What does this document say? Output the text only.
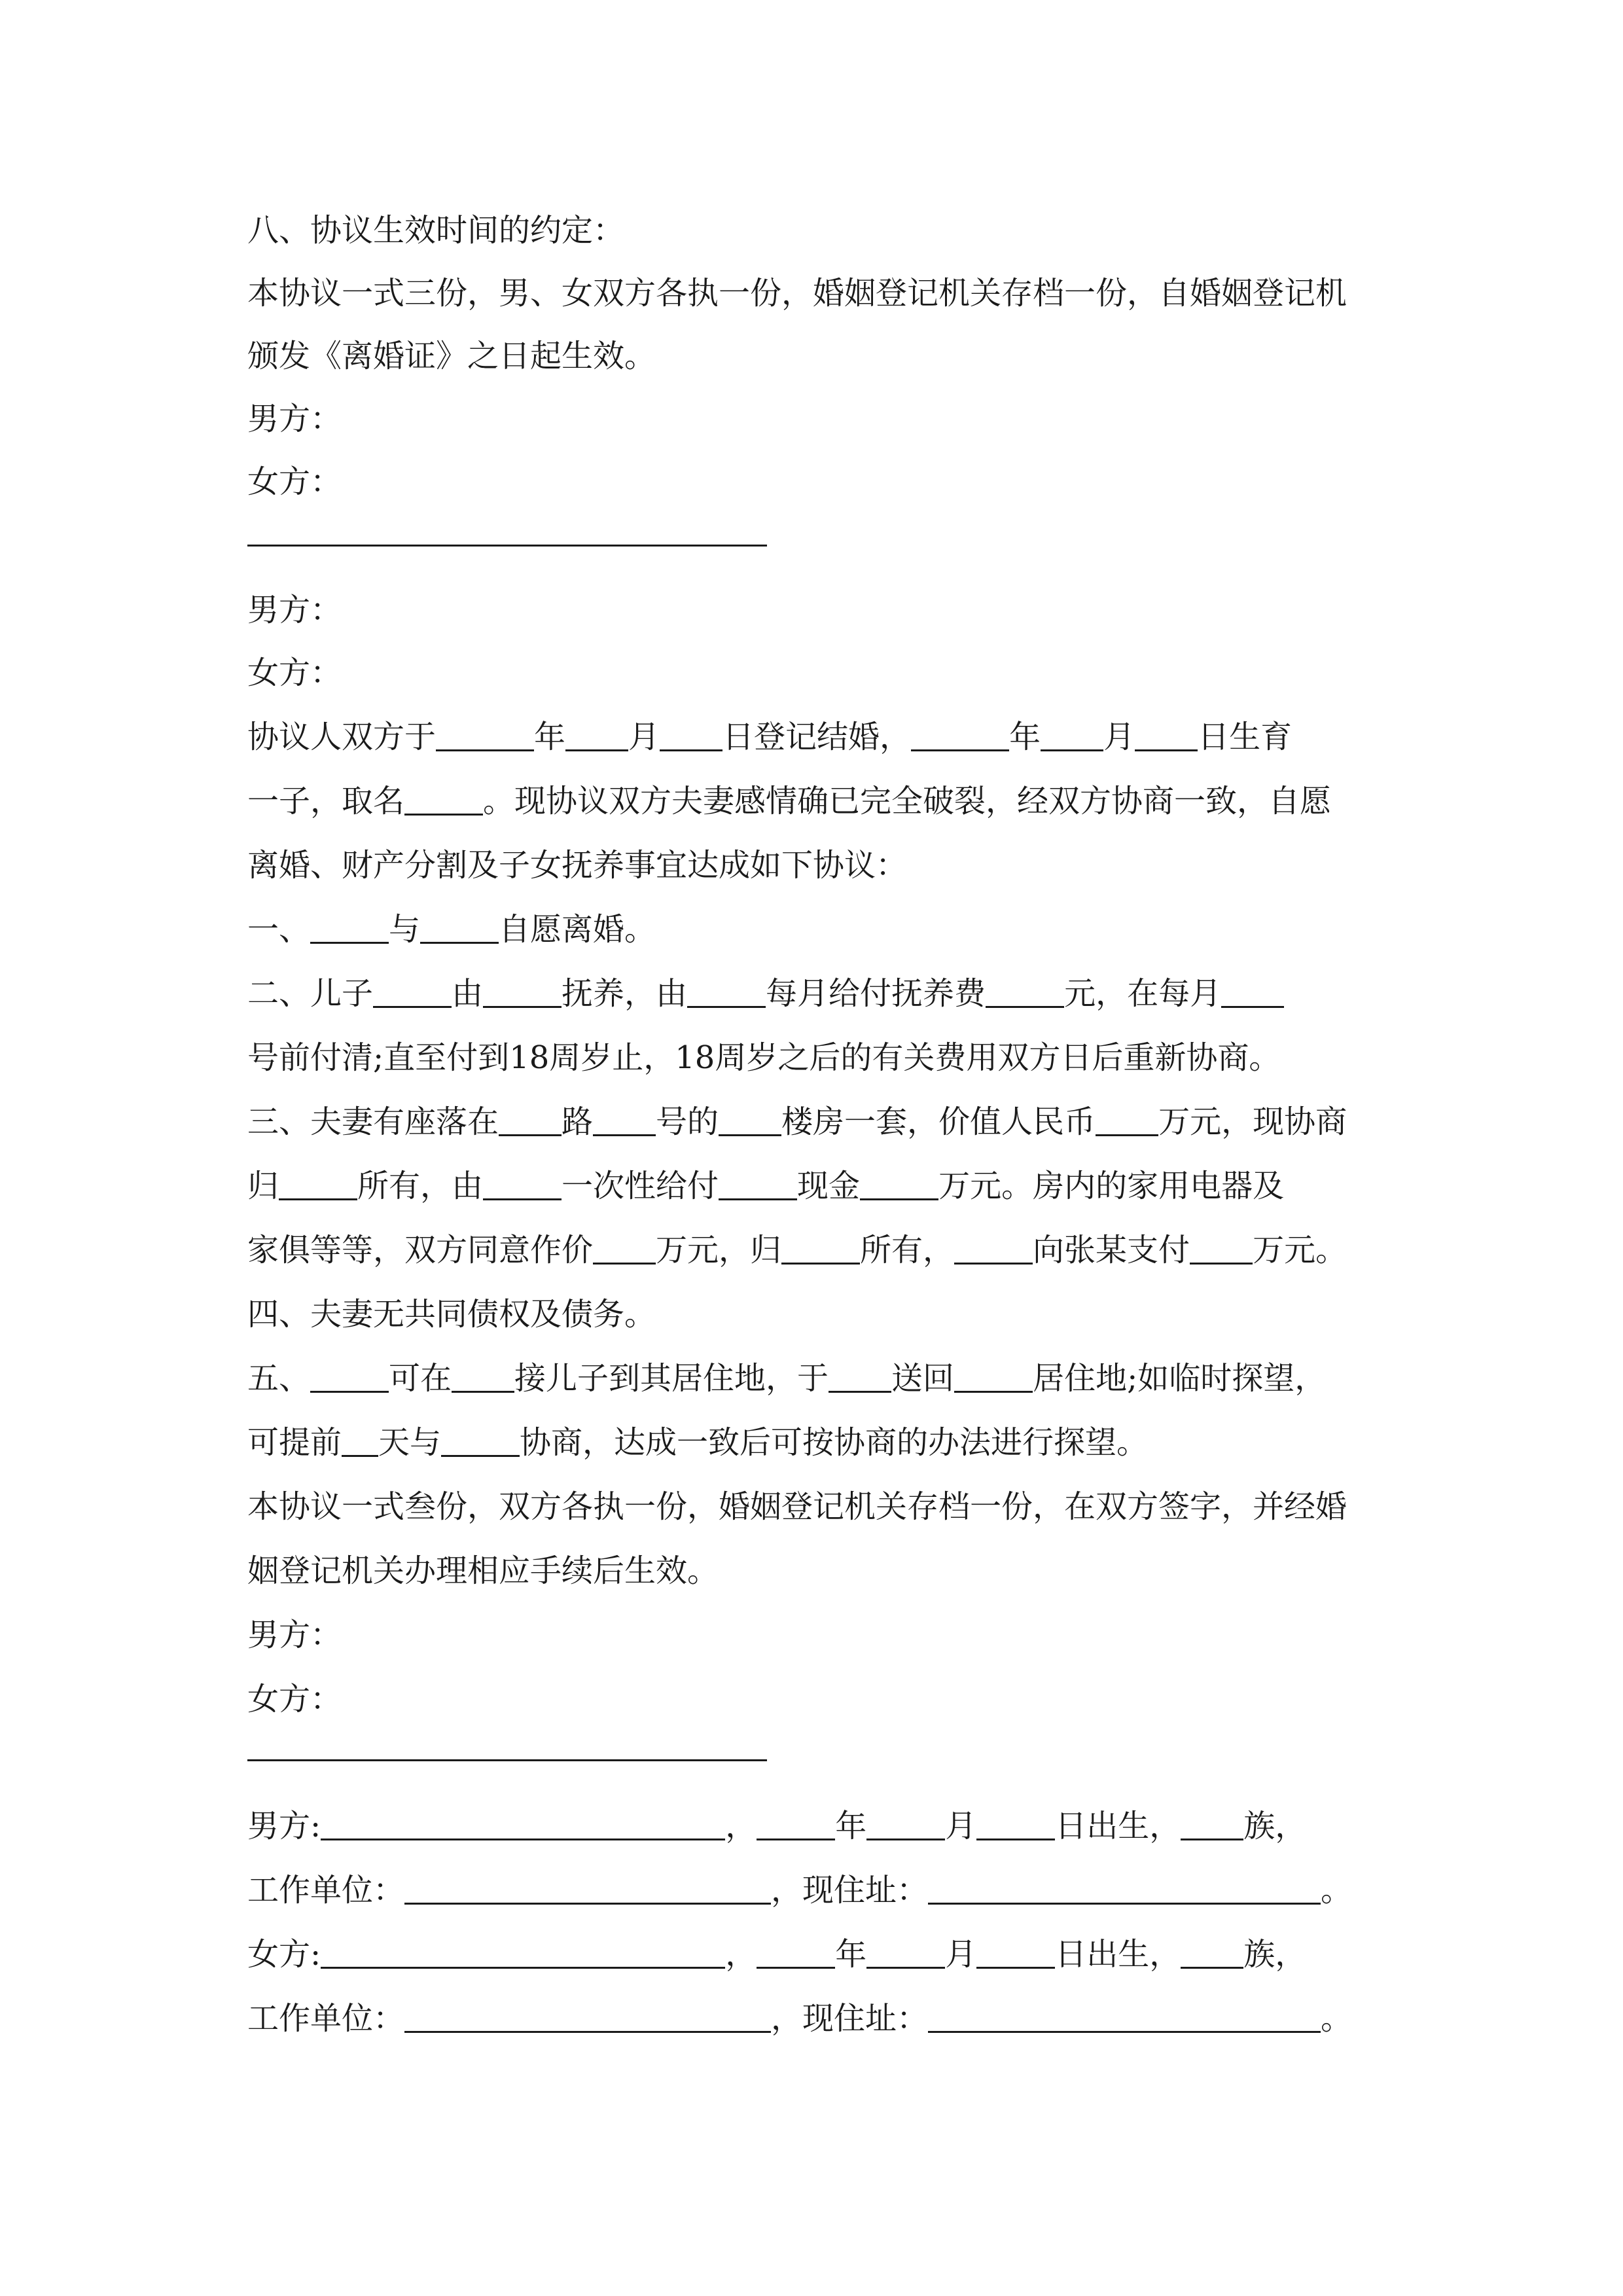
八、协议生效时间的约定：

本协议一式三份，男、女双方各执一份，婚姻登记机关存档一份，自婚姻登记机

颁发《离婚证》之日起生效。

男方：

女方：

男方：

女方：

协议人双方于	年 月 日登记结婚，	年 月 日生育

一子，取名	。现协议双方夫妻感情确已完全破裂，经双方协商一致，自愿

离婚、财产分割及子女抚养事宜达成如下协议：

一、	与	自愿离婚。

二、儿子	由	抚养，由	每月给付抚养费	元，在每月

号前付清;直至付到18周岁止，18周岁之后的有关费用双方日后重新协商。

三、夫妻有座落在 路 号的 楼房一套，价值人民币 万元，现协商

归	所有，由	一次性给付	现金	万元。房内的家用电器及

家俱等等，双方同意作价 万元，归	所有，	向张某支付 万元。

四、夫妻无共同债权及债务。

五、	可在 接儿子到其居住地，于 送回	居住地;如临时探望，

可提前 天与	协商，达成一致后可按协商的办法进行探望。

本协议一式叁份，双方各执一份，婚姻登记机关存档一份，在双方签字，并经婚

姻登记机关办理相应手续后生效。

男方：

女方：

男方:	，	年	月	日出生， 族，

工作单位：	，现住址：	。

女方:	，	年	月	日出生， 族，

工作单位：	，现住址：	。
